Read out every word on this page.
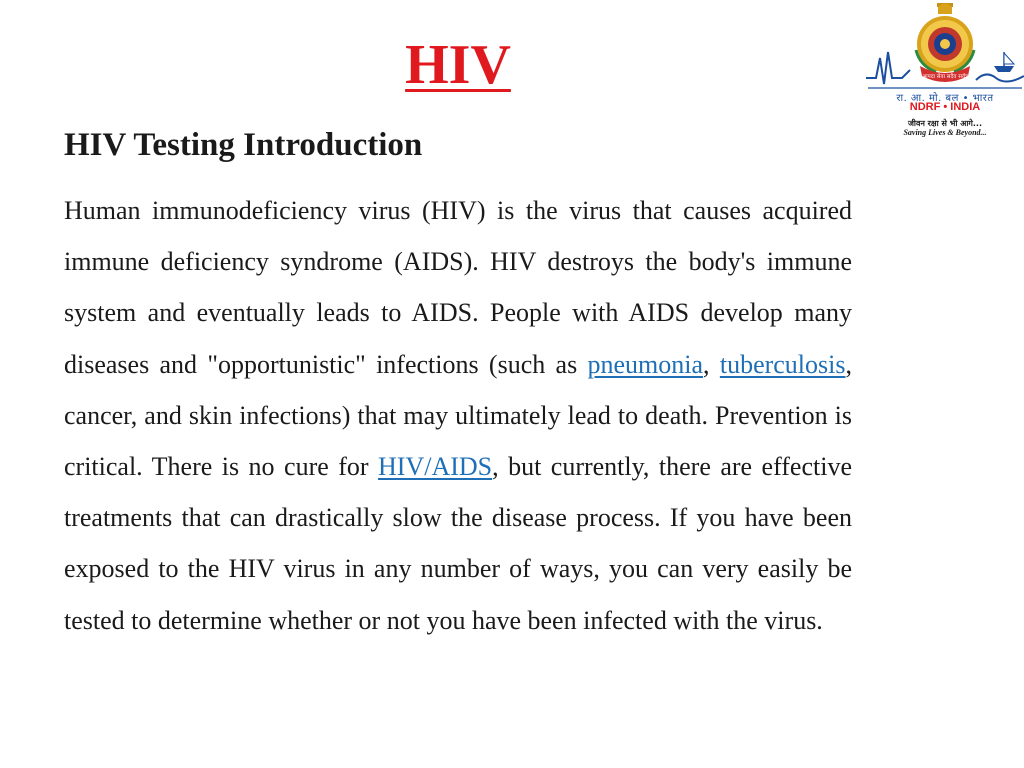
HIV
HIV Testing Introduction

Human immunodeficiency virus (HIV) is the virus that causes acquired immune deficiency syndrome (AIDS). HIV destroys the body's immune system and eventually leads to AIDS. People with AIDS develop many diseases and "opportunistic" infections (such as pneumonia, tuberculosis, cancer, and skin infections) that may ultimately lead to death. Prevention is critical. There is no cure for HIV/AIDS, but currently, there are effective treatments that can drastically slow the disease process. If you have been exposed to the HIV virus in any number of ways, you can very easily be tested to determine whether or not you have been infected with the virus.

आपदा सेवा सदैव सर्वत्र
रा. आ. मो. बल • भारत
NDRF • INDIA
जीवन रक्षा से भी आगे...
Saving Lives & Beyond...
